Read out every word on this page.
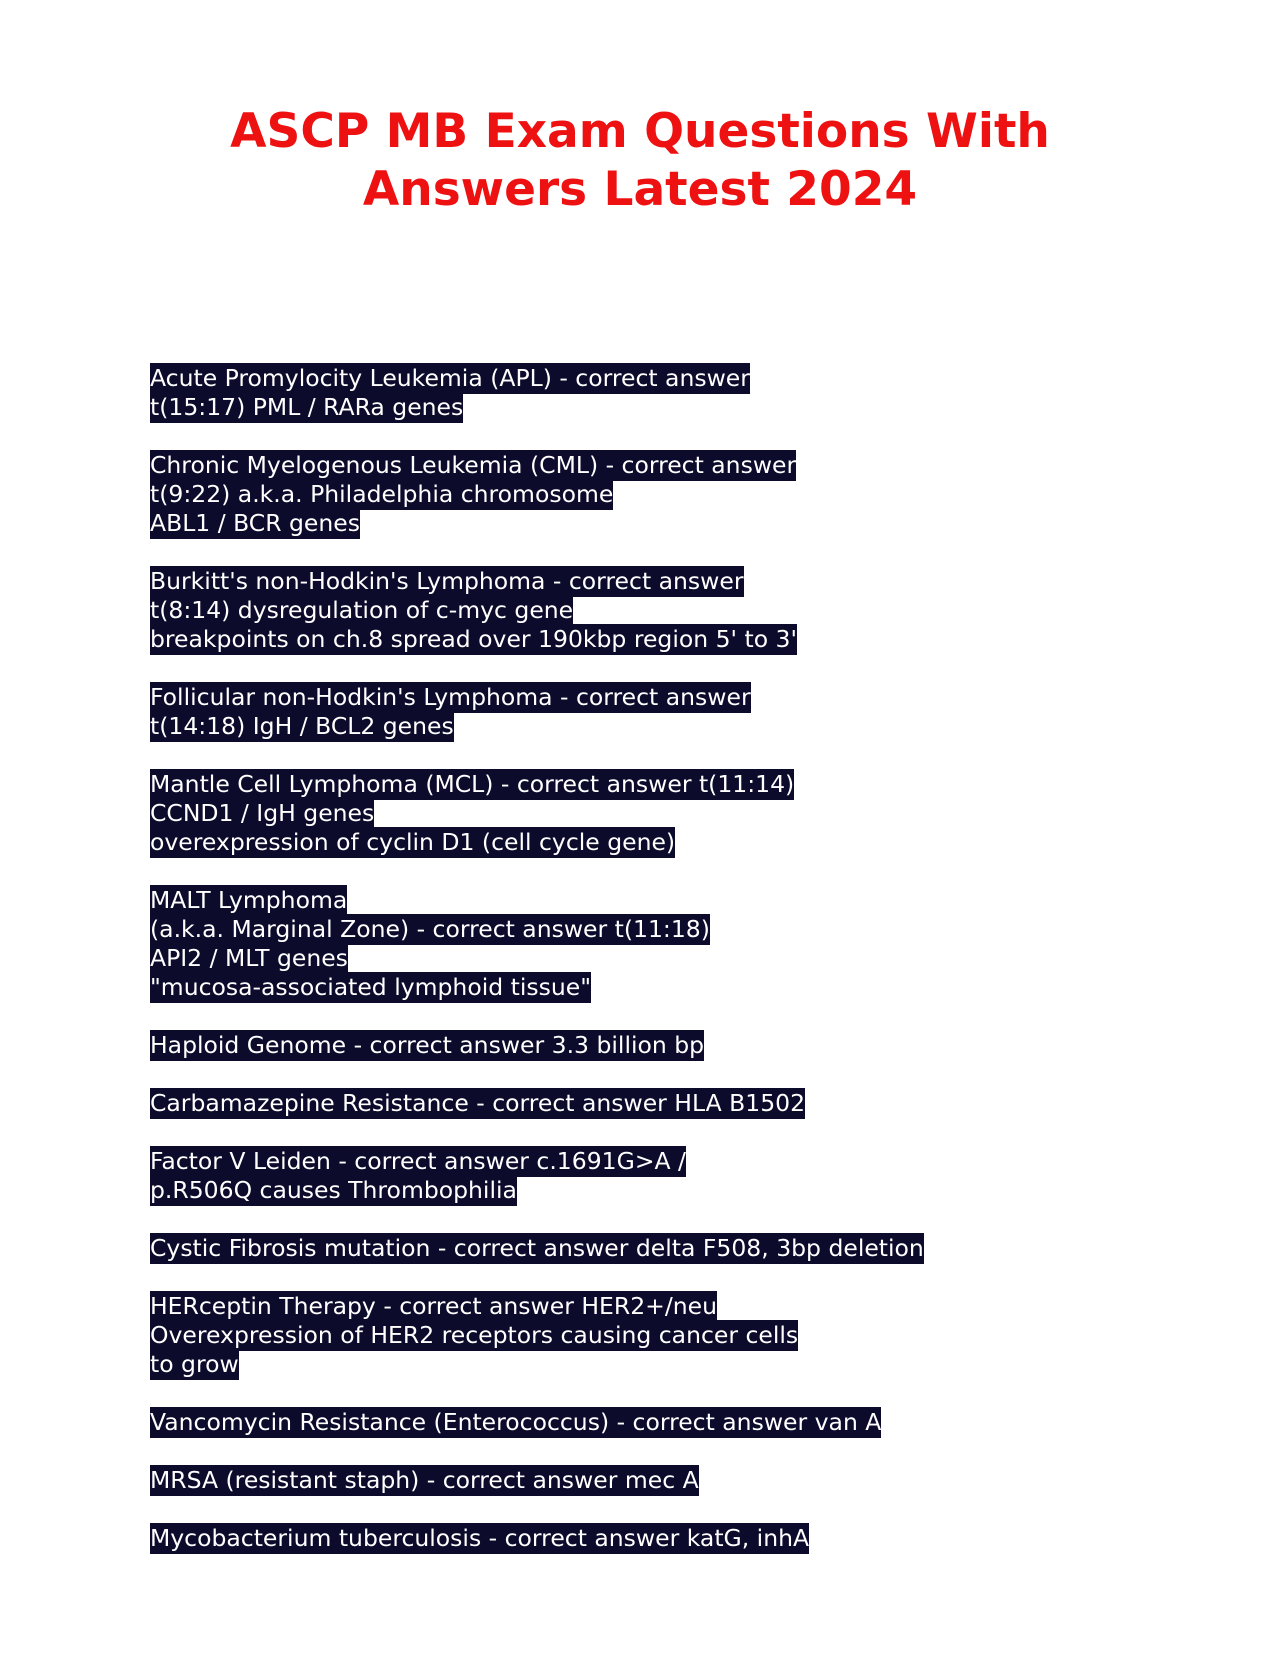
ASCP MB Exam Questions With
Answers Latest 2024
Acute Promylocity Leukemia (APL) - correct answer
t(15:17) PML / RARa genes
Chronic Myelogenous Leukemia (CML) - correct answer
t(9:22) a.k.a. Philadelphia chromosome
ABL1 / BCR genes
Burkitt's non-Hodkin's Lymphoma - correct answer
t(8:14) dysregulation of c-myc gene
breakpoints on ch.8 spread over 190kbp region 5' to 3'
Follicular non-Hodkin's Lymphoma - correct answer
t(14:18) IgH / BCL2 genes
Mantle Cell Lymphoma (MCL) - correct answer t(11:14)
CCND1 / IgH genes
overexpression of cyclin D1 (cell cycle gene)
MALT Lymphoma
(a.k.a. Marginal Zone) - correct answer t(11:18)
API2 / MLT genes
"mucosa-associated lymphoid tissue"
Haploid Genome - correct answer 3.3 billion bp
Carbamazepine Resistance - correct answer HLA B1502
Factor V Leiden - correct answer c.1691G>A /
p.R506Q causes Thrombophilia
Cystic Fibrosis mutation - correct answer delta F508, 3bp deletion
HERceptin Therapy - correct answer HER2+/neu
Overexpression of HER2 receptors causing cancer cells
to grow
Vancomycin Resistance (Enterococcus) - correct answer van A
MRSA (resistant staph) - correct answer mec A
Mycobacterium tuberculosis - correct answer katG, inhA
